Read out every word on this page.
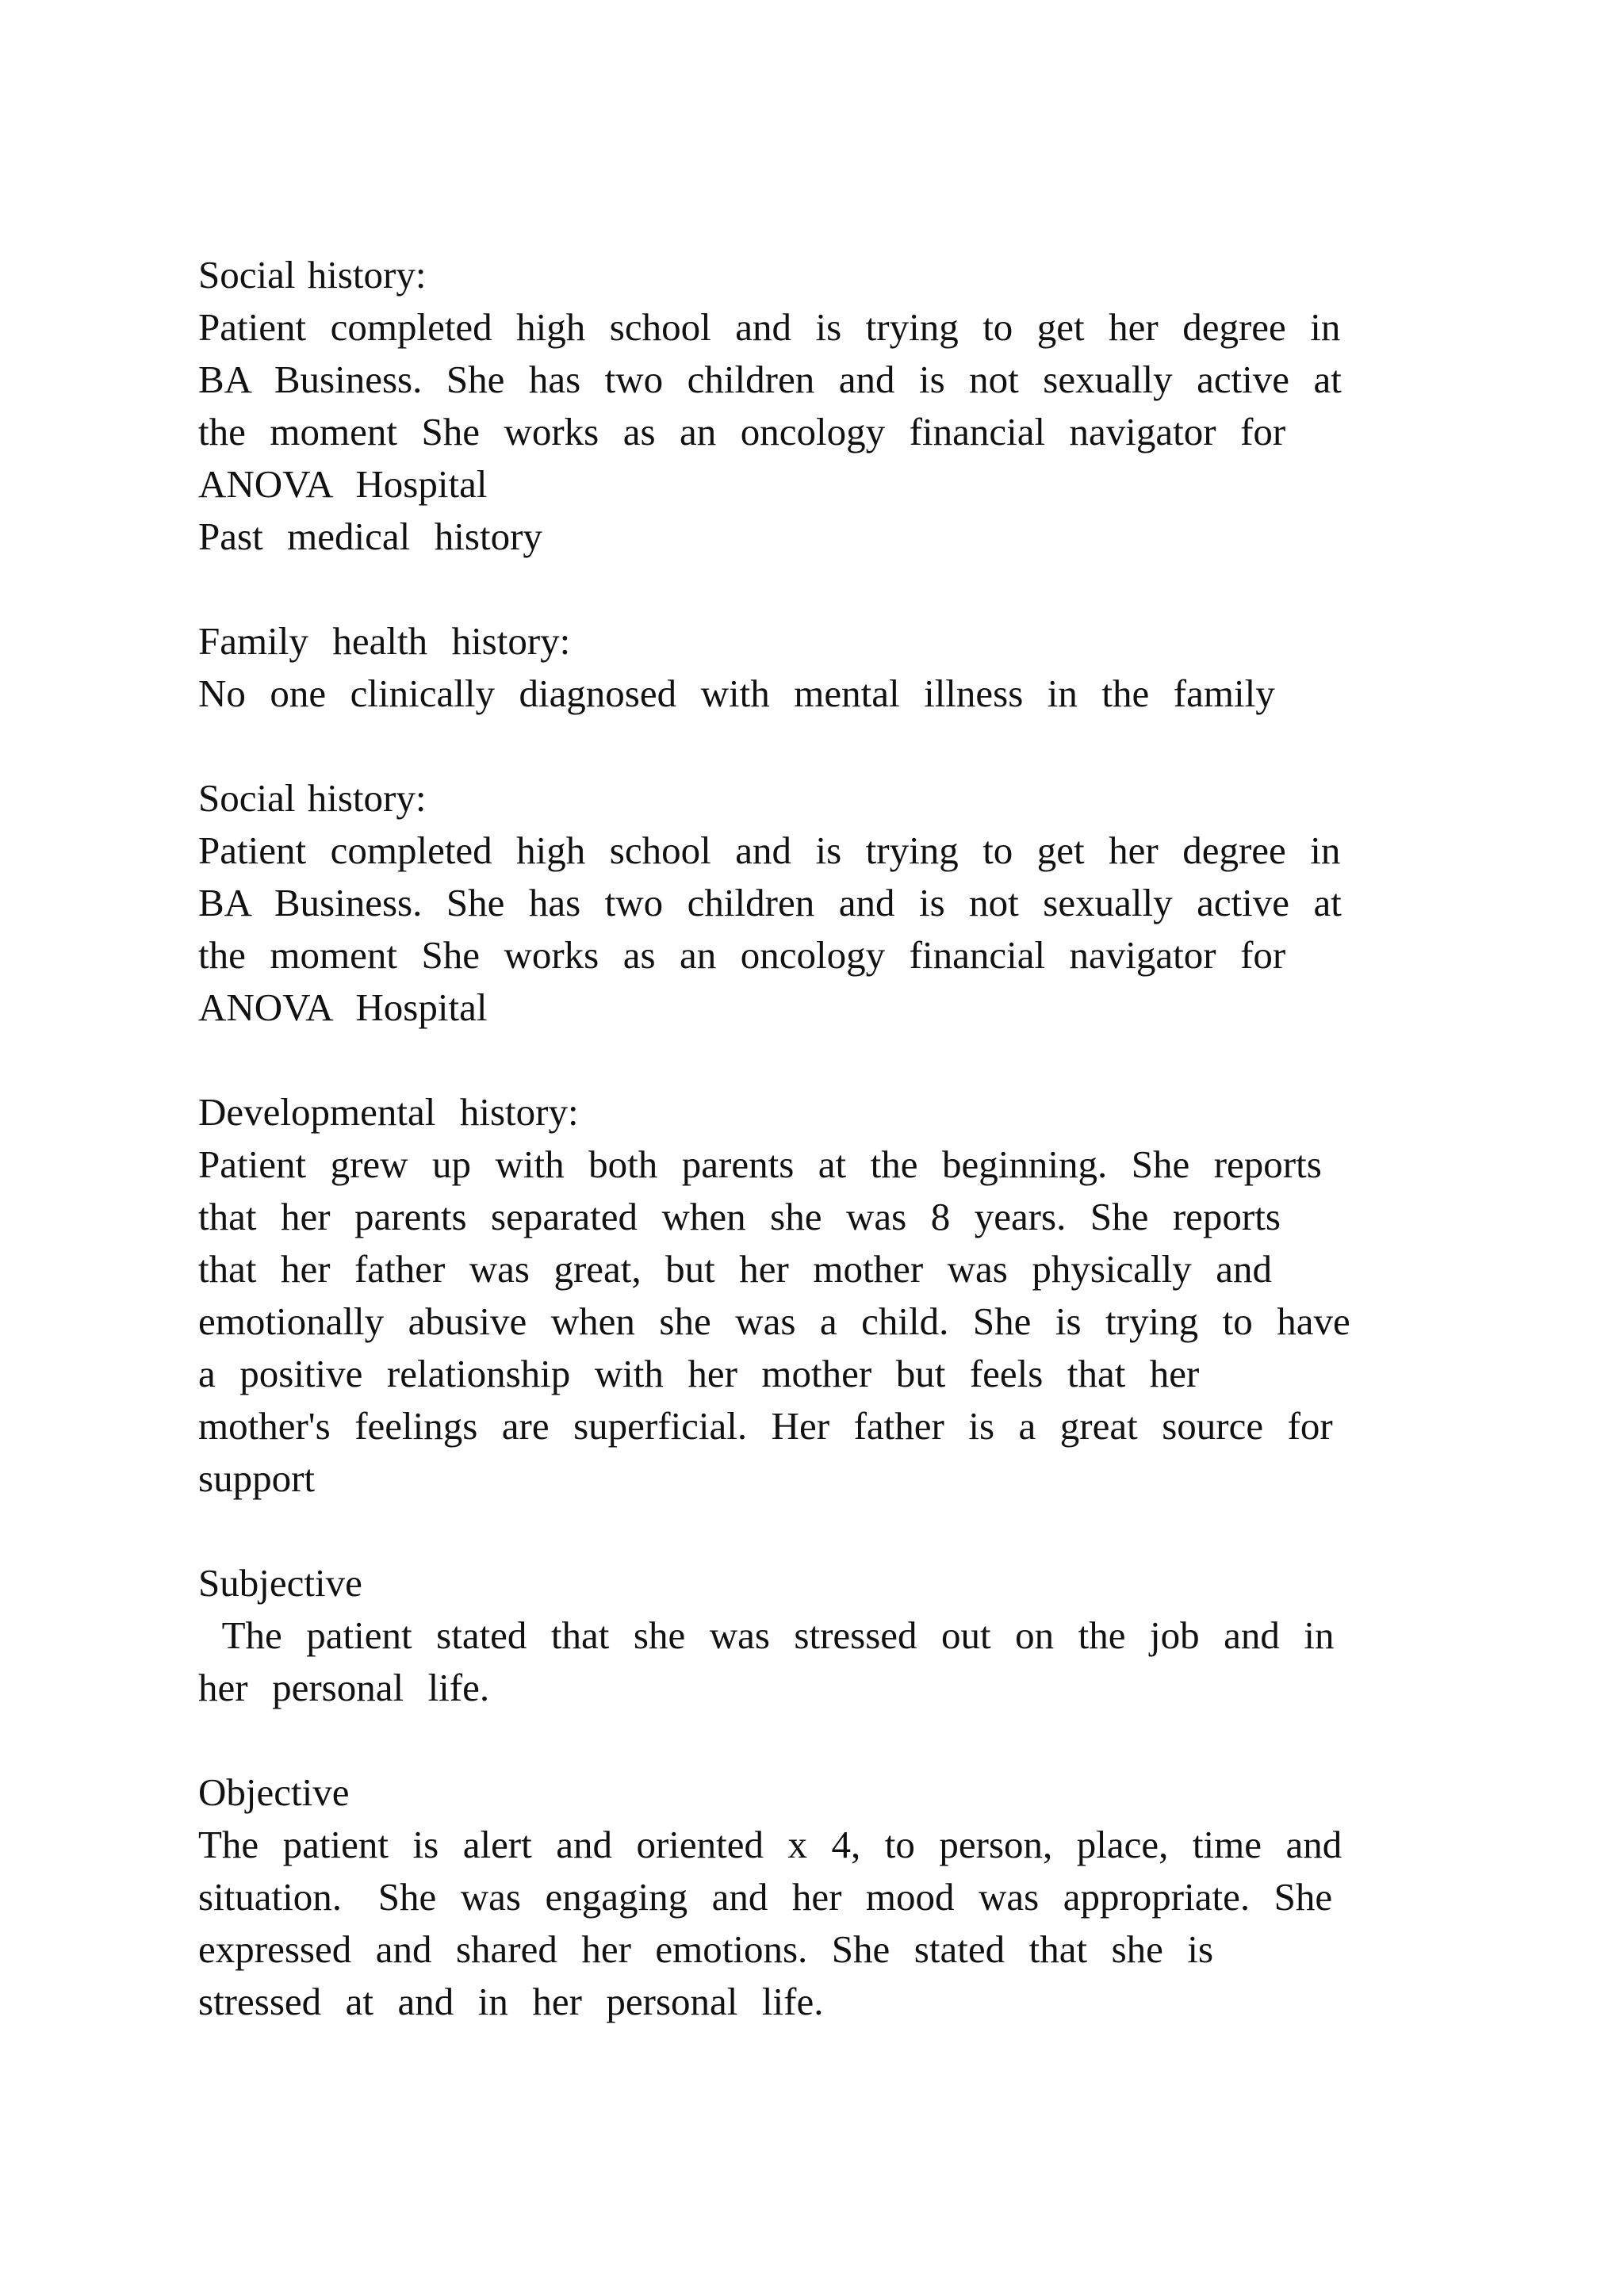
Social history:
Patient  completed  high  school  and  is  trying  to  get  her  degree  in
BA  Business.  She  has  two  children  and  is  not  sexually  active  at
the  moment  She  works  as  an  oncology  financial  navigator  for
ANOVA  Hospital
Past  medical  history
Family  health  history:
No  one  clinically  diagnosed  with  mental  illness  in  the  family
Social history:
Patient  completed  high  school  and  is  trying  to  get  her  degree  in
BA  Business.  She  has  two  children  and  is  not  sexually  active  at
the  moment  She  works  as  an  oncology  financial  navigator  for
ANOVA  Hospital
Developmental  history:
Patient  grew  up  with  both  parents  at  the  beginning.  She  reports
that  her  parents  separated  when  she  was  8  years.  She  reports
that  her  father  was  great,  but  her  mother  was  physically  and
emotionally  abusive  when  she  was  a  child.  She  is  trying  to  have
a  positive  relationship  with  her  mother  but  feels  that  her
mother's  feelings  are  superficial.  Her  father  is  a  great  source  for
support
Subjective
The  patient  stated  that  she  was  stressed  out  on  the  job  and  in
her  personal  life.
Objective
The  patient  is  alert  and  oriented  x  4,  to  person,  place,  time  and
situation.   She  was  engaging  and  her  mood  was  appropriate.  She
expressed  and  shared  her  emotions.  She  stated  that  she  is
stressed  at  and  in  her  personal  life.
